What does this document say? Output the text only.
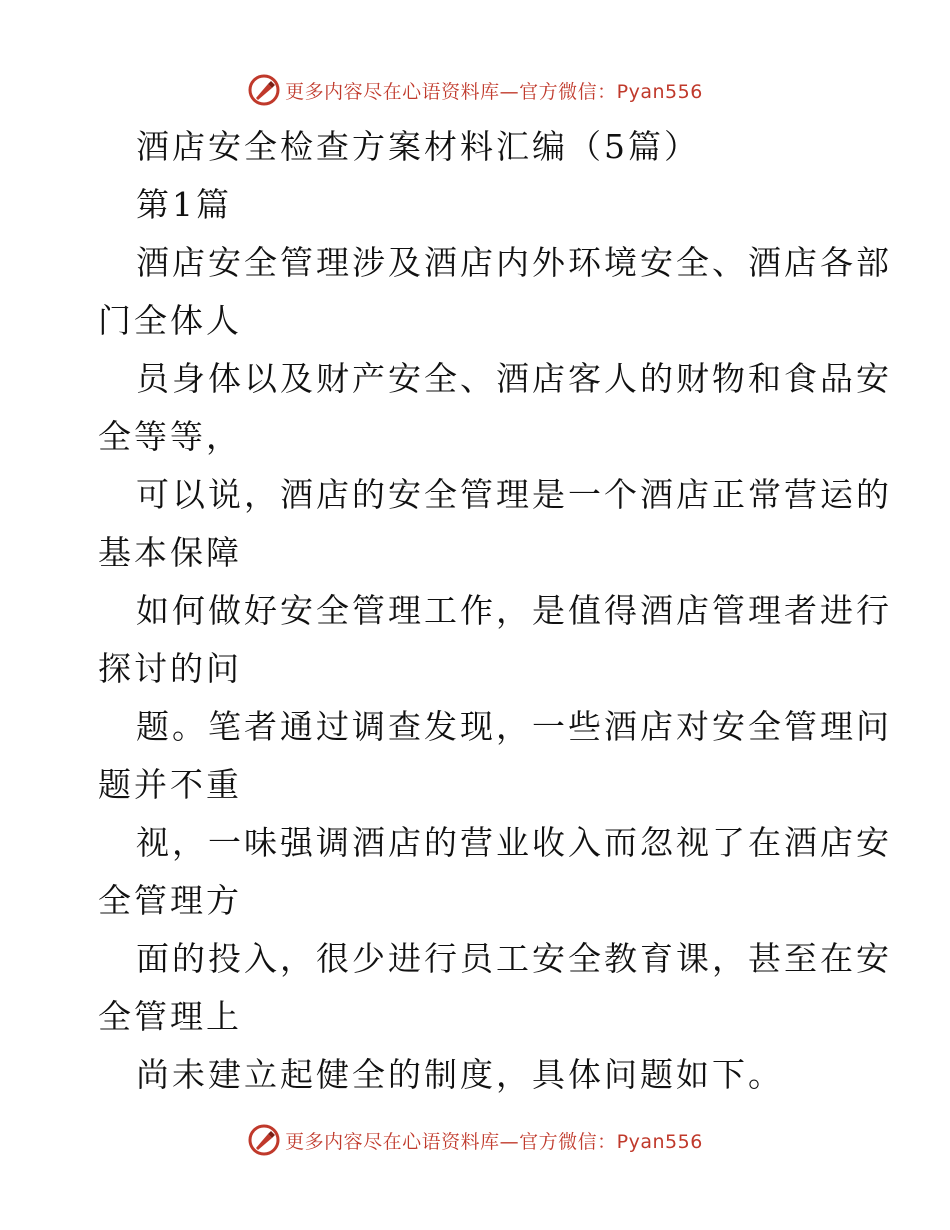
更多内容尽在心语资料库—官方微信：Pyan556
酒店安全检查方案材料汇编（5篇）
第1篇
酒店安全管理涉及酒店内外环境安全、酒店各部
门全体人
员身体以及财产安全、酒店客人的财物和食品安
全等等，
可以说，酒店的安全管理是一个酒店正常营运的
基本保障
如何做好安全管理工作，是值得酒店管理者进行
探讨的问
题。笔者通过调查发现，一些酒店对安全管理问
题并不重
视，一味强调酒店的营业收入而忽视了在酒店安
全管理方
面的投入，很少进行员工安全教育课，甚至在安
全管理上
尚未建立起健全的制度，具体问题如下。
更多内容尽在心语资料库—官方微信：Pyan556
